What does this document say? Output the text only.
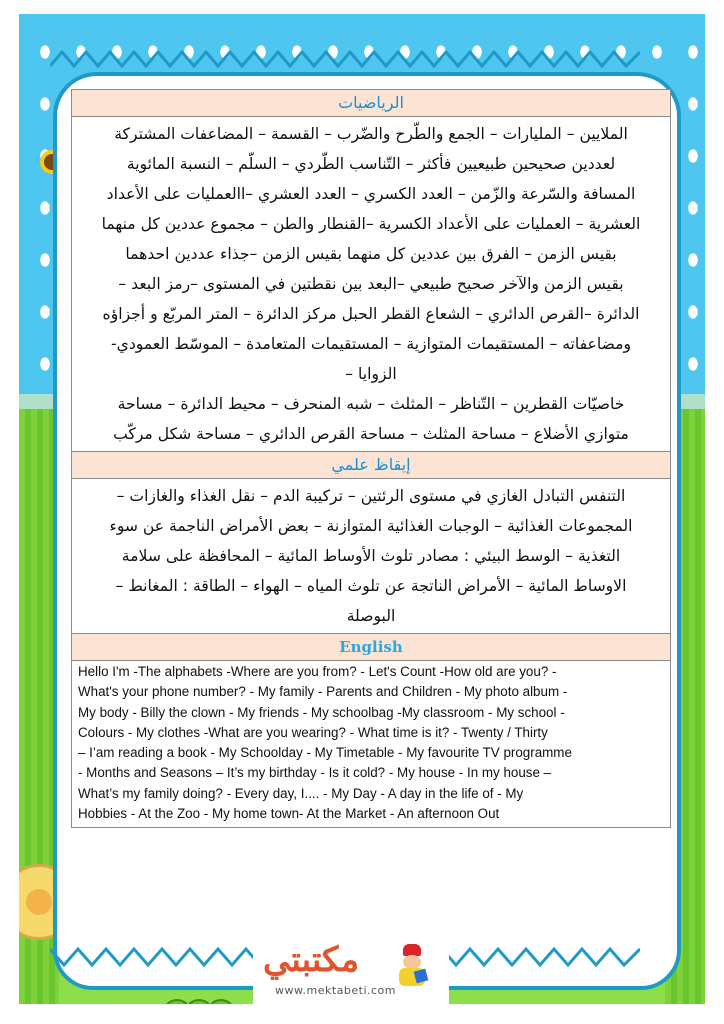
الرياضيات
الملايين – المليارات – الجمع والطّرح والضّرب – القسمة – المضاعفات المشتركة
لعددين صحيحين طبيعيين فأكثر – التّناسب الطّردي – السلّم – النسبة المائوية
المسافة والسّرعة والزّمن – العدد الكسري – العدد العشري –االعمليات على الأعداد
العشرية – العمليات على الأعداد الكسرية –القنطار والطن – مجموع عددين كل منهما
بقيس الزمن – الفرق بين عددين كل منهما بقيس الزمن –جذاء عددين احدهما
بقيس الزمن والآخر صحيح طبيعي –البعد بين نقطتين في المستوى –رمز البعد –
الدائرة –القرص الدائري – الشعاع القطر الحبل مركز الدائرة – المتر المربّع و أجزاؤه
ومضاعفاته – المستقيمات المتوازية – المستقيمات المتعامدة – الموسّط العمودي-
الزوايا –
خاصيّات القطرين – التّناظر – المثلث – شبه المنحرف – محيط الدائرة – مساحة
متوازي الأضلاع – مساحة المثلث – مساحة القرص الدائري – مساحة شكل مركّب
إيقاظ علمي
التنفس التبادل الغازي في مستوى الرئتين – تركيبة الدم – نقل الغذاء والغازات –
المجموعات الغذائية – الوجبات الغذائية المتوازنة – بعض الأمراض الناجمة عن سوء
التغذية – الوسط البيئي : مصادر تلوث الأوساط المائية – المحافظة على سلامة
الاوساط المائية – الأمراض الناتجة عن تلوث المياه – الهواء – الطاقة : المغانط –
البوصلة
English
Hello I'm -The alphabets -Where are you from? - Let's Count -How old are you? -
What's your phone number? - My family - Parents and Children - My photo album -
My body - Billy the clown - My friends - My schoolbag -My classroom - My school -
Colours - My clothes -What are you wearing? - What time is it? - Twenty / Thirty
– I’am reading a book - My Schoolday - My Timetable - My favourite TV programme
- Months and Seasons – It’s my birthday - Is it cold? - My house - In my house –
What’s my family doing? - Every day, I.... - My Day - A day in the life of - My
Hobbies - At the Zoo - My home town- At the Market - An afternoon Out
مكتبتي
www.mektabeti.com
